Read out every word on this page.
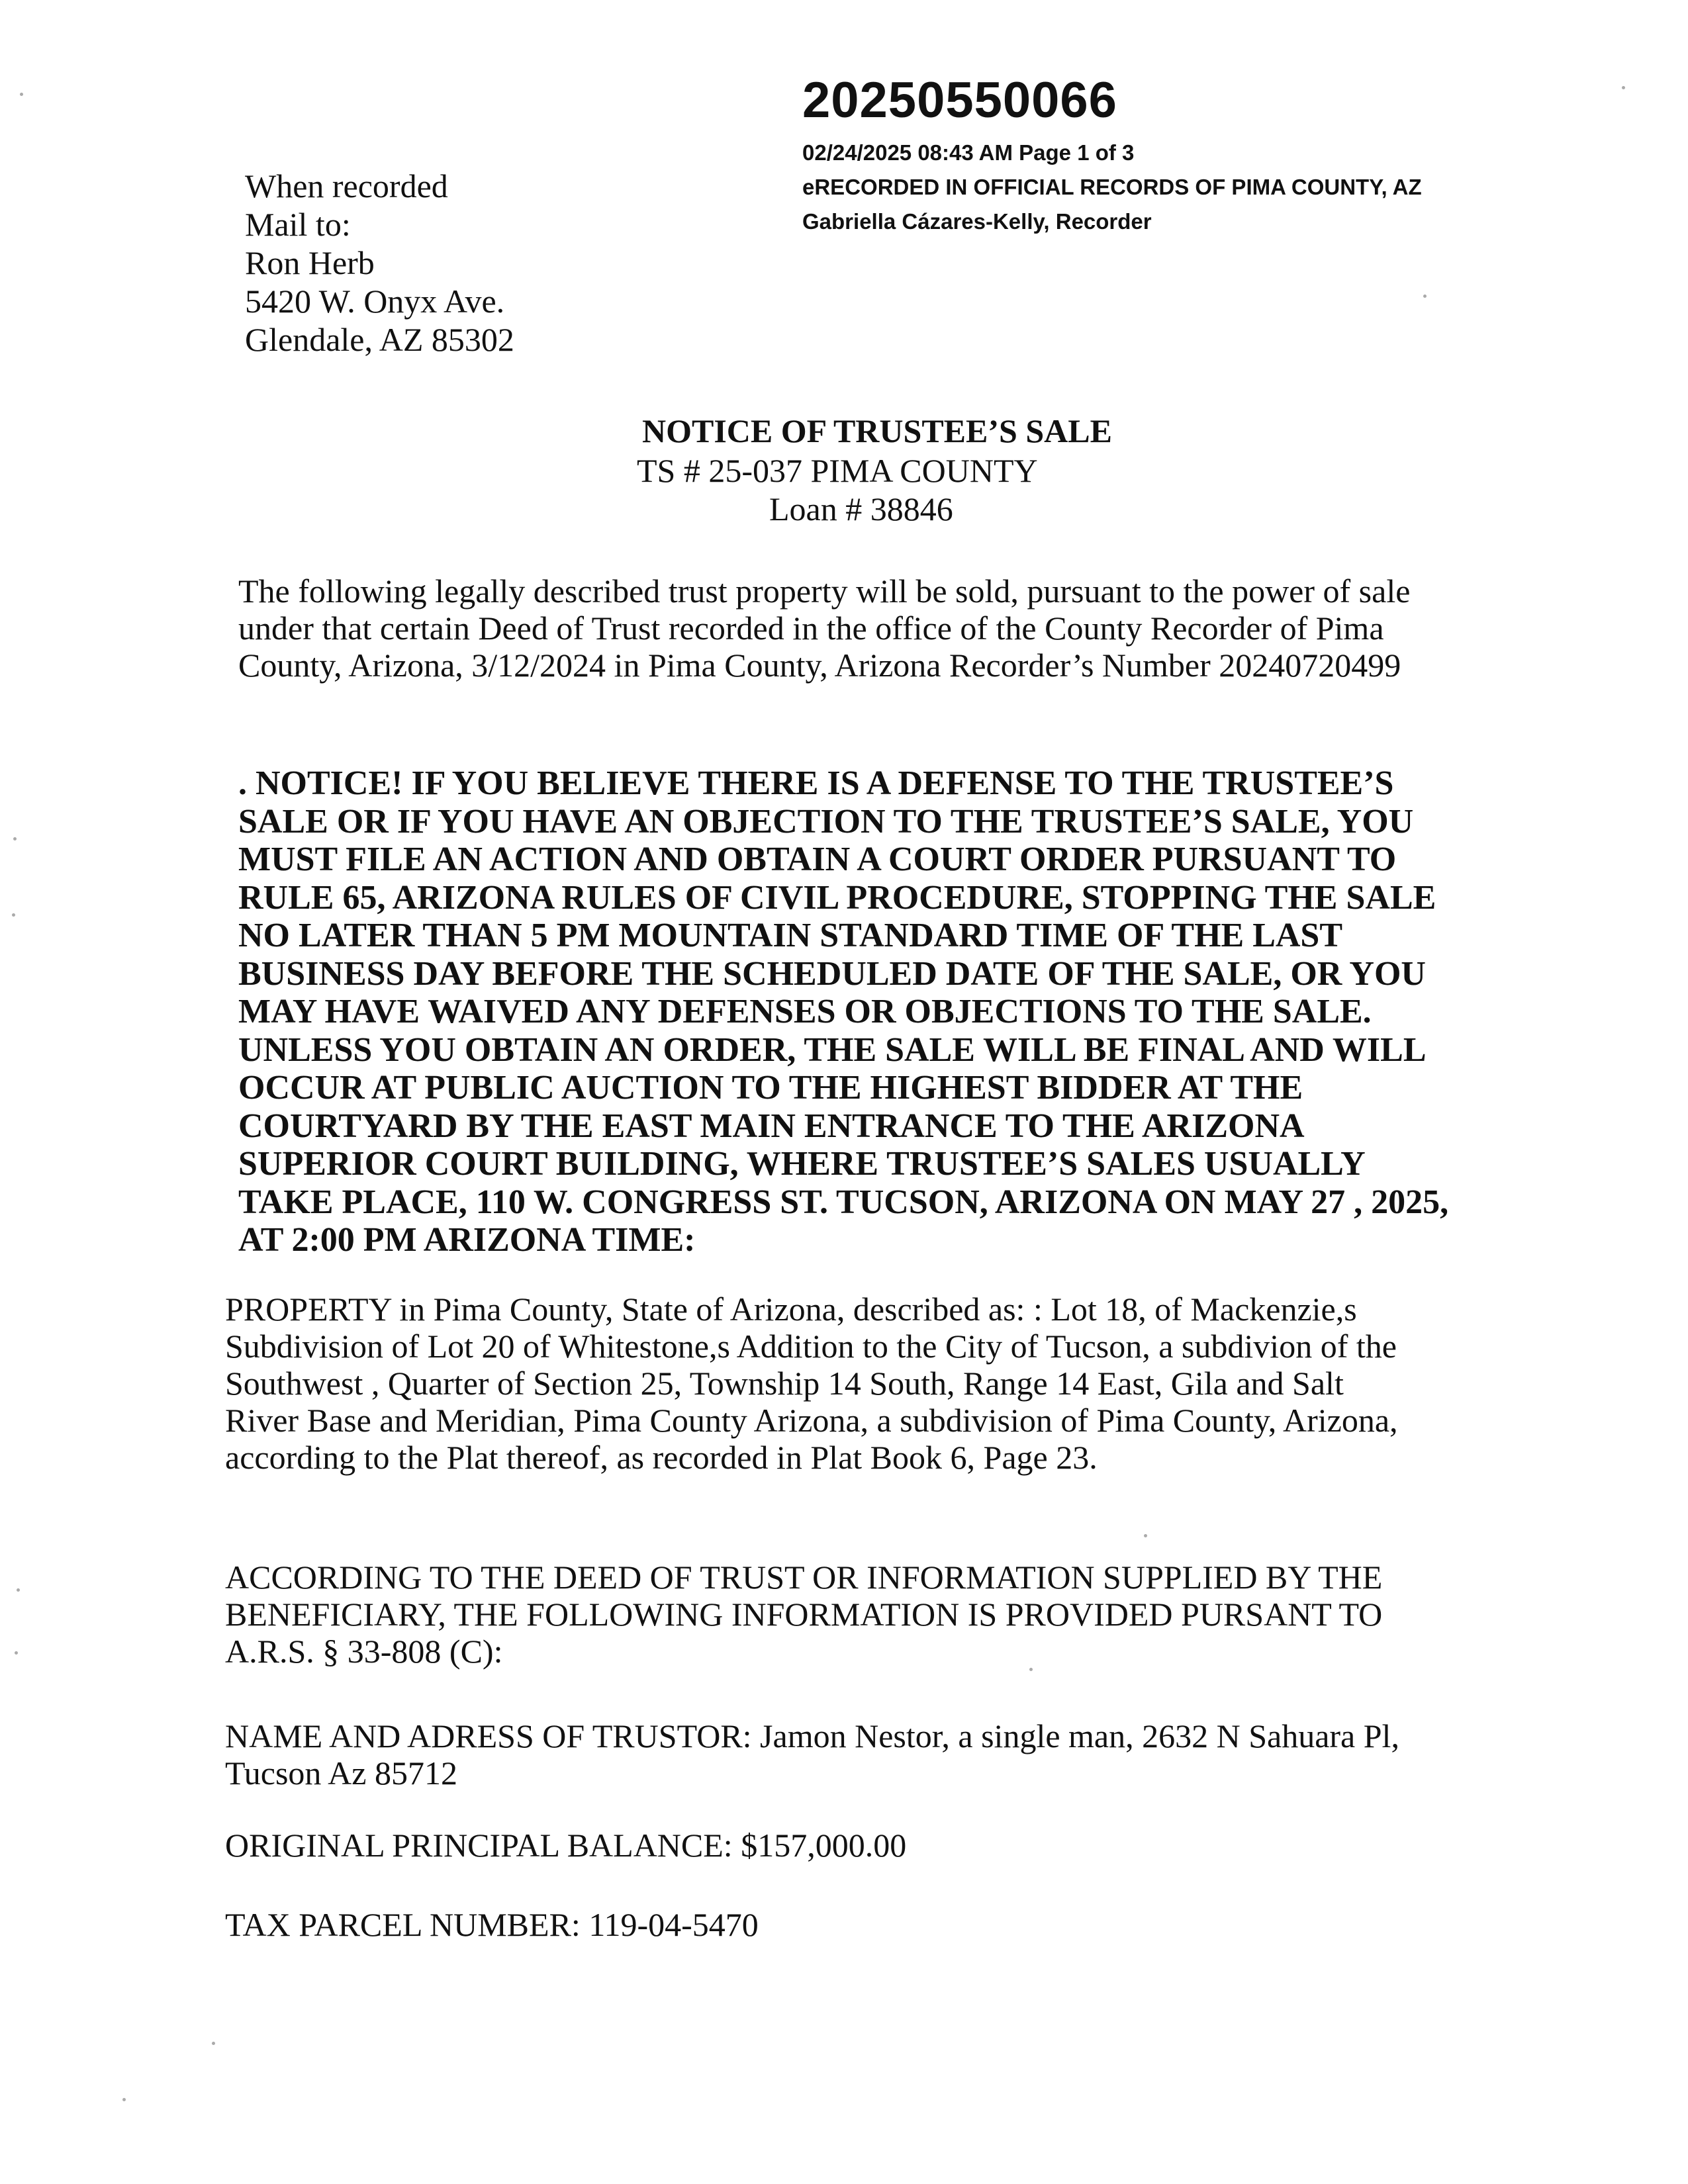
20250550066
02/24/2025 08:43 AM Page 1 of 3
eRECORDED IN OFFICIAL RECORDS OF PIMA COUNTY, AZ
Gabriella Cázares-Kelly, Recorder
When recorded
Mail to:
Ron Herb
5420 W. Onyx Ave.
Glendale, AZ 85302
NOTICE OF TRUSTEE’S SALE
TS # 25-037 PIMA COUNTY
Loan # 38846
The following legally described trust property will be sold, pursuant to the power of sale
under that certain Deed of Trust recorded in the office of the County Recorder of Pima
County, Arizona, 3/12/2024 in Pima County, Arizona Recorder’s Number 20240720499
. NOTICE! IF YOU BELIEVE THERE IS A DEFENSE TO THE TRUSTEE’S
SALE OR IF YOU HAVE AN OBJECTION TO THE TRUSTEE’S SALE, YOU
MUST FILE AN ACTION AND OBTAIN A COURT ORDER PURSUANT TO
RULE 65, ARIZONA RULES OF CIVIL PROCEDURE, STOPPING THE SALE
NO LATER THAN 5 PM MOUNTAIN STANDARD TIME OF THE LAST
BUSINESS DAY BEFORE THE SCHEDULED DATE OF THE SALE, OR YOU
MAY HAVE WAIVED ANY DEFENSES OR OBJECTIONS TO THE SALE.
UNLESS YOU OBTAIN AN ORDER, THE SALE WILL BE FINAL AND WILL
OCCUR AT PUBLIC AUCTION TO THE HIGHEST BIDDER AT THE
COURTYARD BY THE EAST MAIN ENTRANCE TO THE ARIZONA
SUPERIOR COURT BUILDING, WHERE TRUSTEE’S SALES USUALLY
TAKE PLACE, 110 W. CONGRESS ST. TUCSON, ARIZONA ON MAY 27 , 2025,
AT 2:00 PM ARIZONA TIME:
PROPERTY in Pima County, State of Arizona, described as: : Lot 18, of Mackenzie,s
Subdivision of Lot 20 of Whitestone,s Addition to the City of Tucson, a subdivion of the
Southwest , Quarter of Section 25, Township 14 South, Range 14 East, Gila and Salt
River Base and Meridian, Pima County Arizona, a subdivision of Pima County, Arizona,
according to the Plat thereof, as recorded in Plat Book 6, Page 23.
ACCORDING TO THE DEED OF TRUST OR INFORMATION SUPPLIED BY THE
BENEFICIARY, THE FOLLOWING INFORMATION IS PROVIDED PURSANT TO
A.R.S. § 33-808 (C):
NAME AND ADRESS OF TRUSTOR: Jamon Nestor, a single man, 2632 N Sahuara Pl,
Tucson Az 85712
ORIGINAL PRINCIPAL BALANCE: $157,000.00
TAX PARCEL NUMBER: 119-04-5470
